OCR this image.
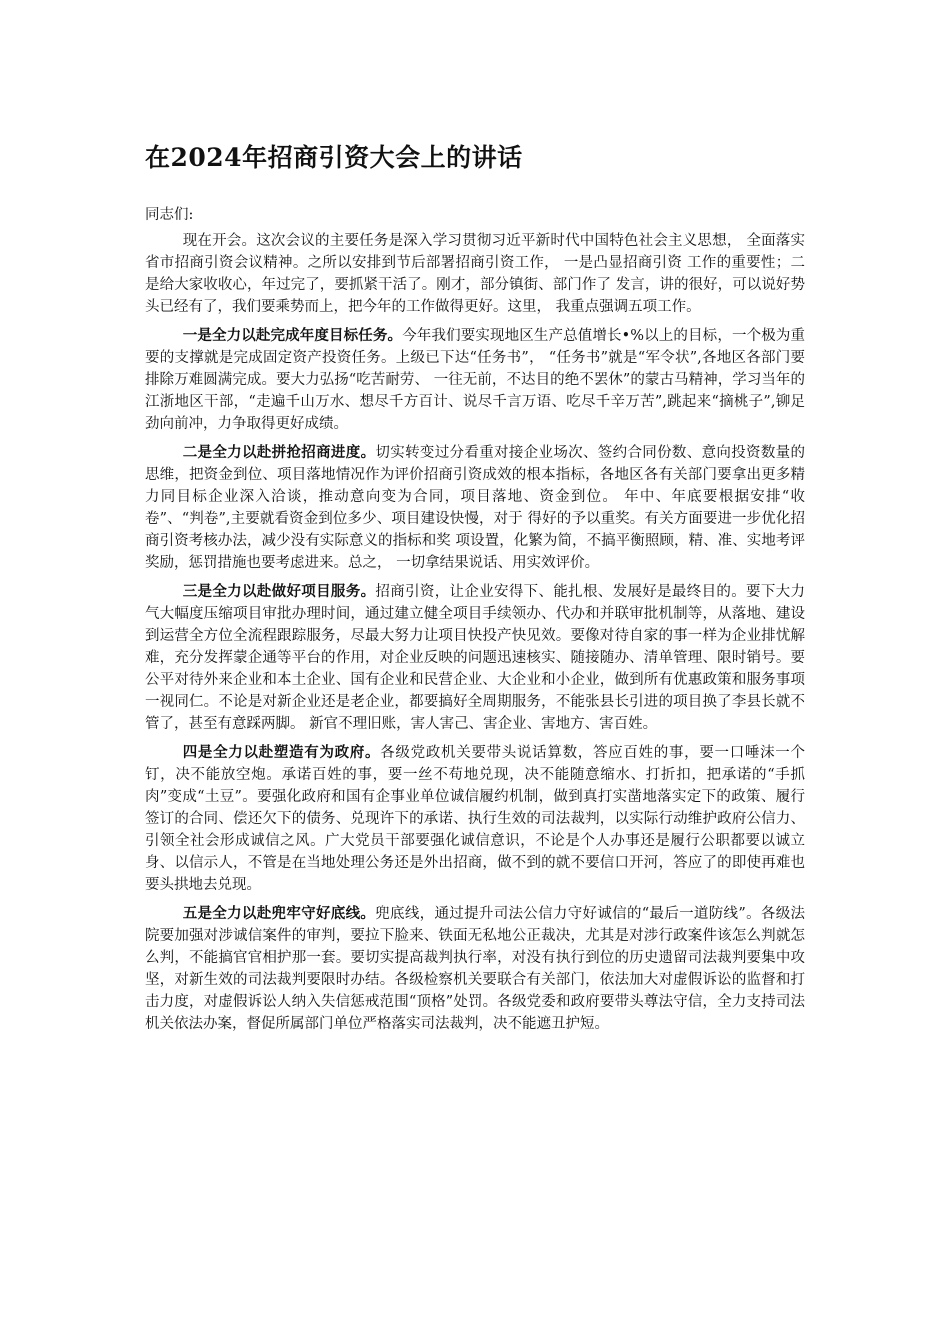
在2024年招商引资大会上的讲话

同志们:

现在开会。这次会议的主要任务是深入学习贯彻习近平新时代中国特色社会主义思想， 全面落实省市招商引资会议精神。之所以安排到节后部署招商引资工作， 一是凸显招商引资 工作的重要性；二是给大家收收心，年过完了，要抓紧干活了。刚才，部分镇街、部门作了 发言，讲的很好，可以说好势头已经有了，我们要乘势而上，把今年的工作做得更好。这里， 我重点强调五项工作。

一是全力以赴完成年度目标任务。今年我们要实现地区生产总值增长•%以上的目标，一个极为重要的支撑就是完成固定资产投资任务。上级已下达“任务书”， “任务书”就是“军令状”,各地区各部门要排除万难圆满完成。要大力弘扬“吃苦耐劳、 一往无前，不达目的绝不罢休”的蒙古马精神，学习当年的江浙地区干部，“走遍千山万水、想尽千方百计、说尽千言万语、吃尽千辛万苦”,跳起来“摘桃子”,铆足劲向前冲，力争取得更好成绩。

二是全力以赴拼抢招商进度。切实转变过分看重对接企业场次、签约合同份数、意向投资数量的思维，把资金到位、项目落地情况作为评价招商引资成效的根本指标，各地区各有关部门要拿出更多精力同目标企业深入洽谈，推动意向变为合同，项目落地、资金到位。 年中、年底要根据安排“收卷”、“判卷”,主要就看资金到位多少、项目建设快慢，对于 得好的予以重奖。有关方面要进一步优化招商引资考核办法，减少没有实际意义的指标和奖 项设置，化繁为简，不搞平衡照顾，精、准、实地考评奖励，惩罚措施也要考虑进来。总之， 一切拿结果说话、用实效评价。

三是全力以赴做好项目服务。招商引资，让企业安得下、能扎根、发展好是最终目的。要下大力气大幅度压缩项目审批办理时间，通过建立健全项目手续领办、代办和并联审批机制等，从落地、建设到运营全方位全流程跟踪服务，尽最大努力让项目快投产快见效。要像对待自家的事一样为企业排忧解难，充分发挥蒙企通等平台的作用，对企业反映的问题迅速核实、随接随办、清单管理、限时销号。要公平对待外来企业和本土企业、国有企业和民营企业、大企业和小企业，做到所有优惠政策和服务事项一视同仁。不论是对新企业还是老企业，都要搞好全周期服务，不能张县长引进的项目换了李县长就不管了，甚至有意踩两脚。 新官不理旧账，害人害己、害企业、害地方、害百姓。

四是全力以赴塑造有为政府。各级党政机关要带头说话算数，答应百姓的事，要一口唾沫一个钉，决不能放空炮。承诺百姓的事，要一丝不苟地兑现，决不能随意缩水、打折扣，把承诺的“手抓肉”变成“土豆”。要强化政府和国有企事业单位诚信履约机制，做到真打实凿地落实定下的政策、履行签订的合同、偿还欠下的债务、兑现许下的承诺、执行生效的司法裁判，以实际行动维护政府公信力、引领全社会形成诚信之风。广大党员干部要强化诚信意识，不论是个人办事还是履行公职都要以诚立身、以信示人，不管是在当地处理公务还是外出招商，做不到的就不要信口开河，答应了的即使再难也要头拱地去兑现。

五是全力以赴兜牢守好底线。兜底线，通过提升司法公信力守好诚信的“最后一道防线”。各级法院要加强对涉诚信案件的审判，要拉下脸来、铁面无私地公正裁决，尤其是对涉行政案件该怎么判就怎么判，不能搞官官相护那一套。要切实提高裁判执行率，对没有执行到位的历史遗留司法裁判要集中攻坚，对新生效的司法裁判要限时办结。各级检察机关要联合有关部门，依法加大对虚假诉讼的监督和打击力度，对虚假诉讼人纳入失信惩戒范围“顶格”处罚。各级党委和政府要带头尊法守信，全力支持司法机关依法办案，督促所属部门单位严格落实司法裁判，决不能遮丑护短。
